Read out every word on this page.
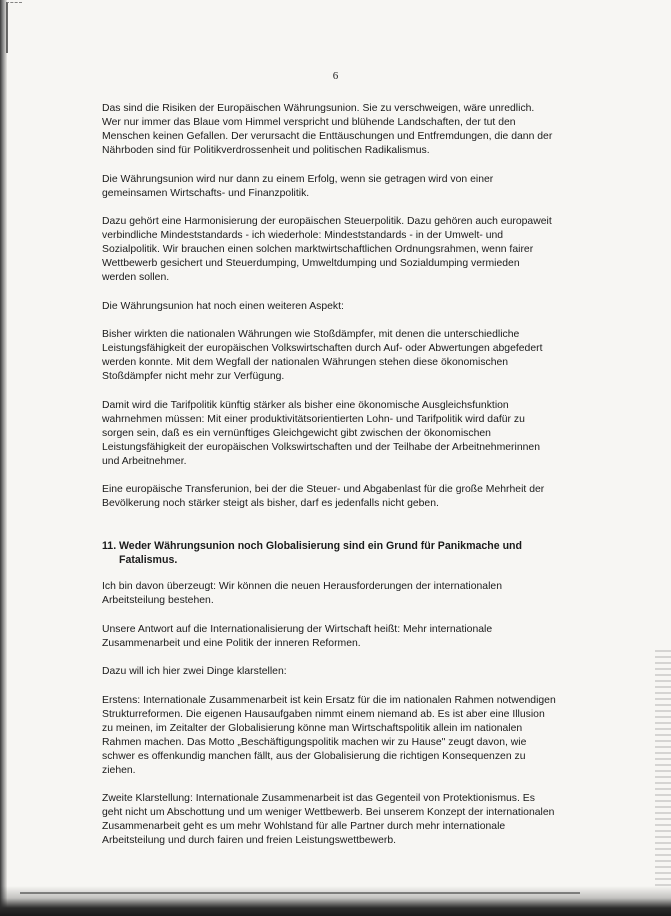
6

Das sind die Risiken der Europäischen Währungsunion. Sie zu verschweigen, wäre unredlich. Wer nur immer das Blaue vom Himmel verspricht und blühende Landschaften, der tut den Menschen keinen Gefallen. Der verursacht die Enttäuschungen und Entfremdungen, die dann der Nährboden sind für Politikverdrossenheit und politischen Radikalismus.

Die Währungsunion wird nur dann zu einem Erfolg, wenn sie getragen wird von einer gemeinsamen Wirtschafts- und Finanzpolitik.

Dazu gehört eine Harmonisierung der europäischen Steuerpolitik. Dazu gehören auch europaweit verbindliche Mindeststandards - ich wiederhole: Mindeststandards - in der Umwelt- und Sozialpolitik. Wir brauchen einen solchen marktwirtschaftlichen Ordnungsrahmen, wenn fairer Wettbewerb gesichert und Steuerdumping, Umweltdumping und Sozialdumping vermieden werden sollen.

Die Währungsunion hat noch einen weiteren Aspekt:

Bisher wirkten die nationalen Währungen wie Stoßdämpfer, mit denen die unterschiedliche Leistungsfähigkeit der europäischen Volkswirtschaften durch Auf- oder Abwertungen abgefedert werden konnte. Mit dem Wegfall der nationalen Währungen stehen diese ökonomischen Stoßdämpfer nicht mehr zur Verfügung.

Damit wird die Tarifpolitik künftig stärker als bisher eine ökonomische Ausgleichsfunktion wahrnehmen müssen: Mit einer produktivitätsorientierten Lohn- und Tarifpolitik wird dafür zu sorgen sein, daß es ein vernünftiges Gleichgewicht gibt zwischen der ökonomischen Leistungsfähigkeit der europäischen Volkswirtschaften und der Teilhabe der Arbeitnehmerinnen und Arbeitnehmer.

Eine europäische Transferunion, bei der die Steuer- und Abgabenlast für die große Mehrheit der Bevölkerung noch stärker steigt als bisher, darf es jedenfalls nicht geben.

11. Weder Währungsunion noch Globalisierung sind ein Grund für Panikmache und Fatalismus.

Ich bin davon überzeugt: Wir können die neuen Herausforderungen der internationalen Arbeitsteilung bestehen.

Unsere Antwort auf die Internationalisierung der Wirtschaft heißt: Mehr internationale Zusammenarbeit und eine Politik der inneren Reformen.

Dazu will ich hier zwei Dinge klarstellen:

Erstens: Internationale Zusammenarbeit ist kein Ersatz für die im nationalen Rahmen notwendigen Strukturreformen. Die eigenen Hausaufgaben nimmt einem niemand ab. Es ist aber eine Illusion zu meinen, im Zeitalter der Globalisierung könne man Wirtschaftspolitik allein im nationalen Rahmen machen. Das Motto „Beschäftigungspolitik machen wir zu Hause" zeugt davon, wie schwer es offenkundig manchen fällt, aus der Globalisierung die richtigen Konsequenzen zu ziehen.

Zweite Klarstellung: Internationale Zusammenarbeit ist das Gegenteil von Protektionismus. Es geht nicht um Abschottung und um weniger Wettbewerb. Bei unserem Konzept der internationalen Zusammenarbeit geht es um mehr Wohlstand für alle Partner durch mehr internationale Arbeitsteilung und durch fairen und freien Leistungswettbewerb.
